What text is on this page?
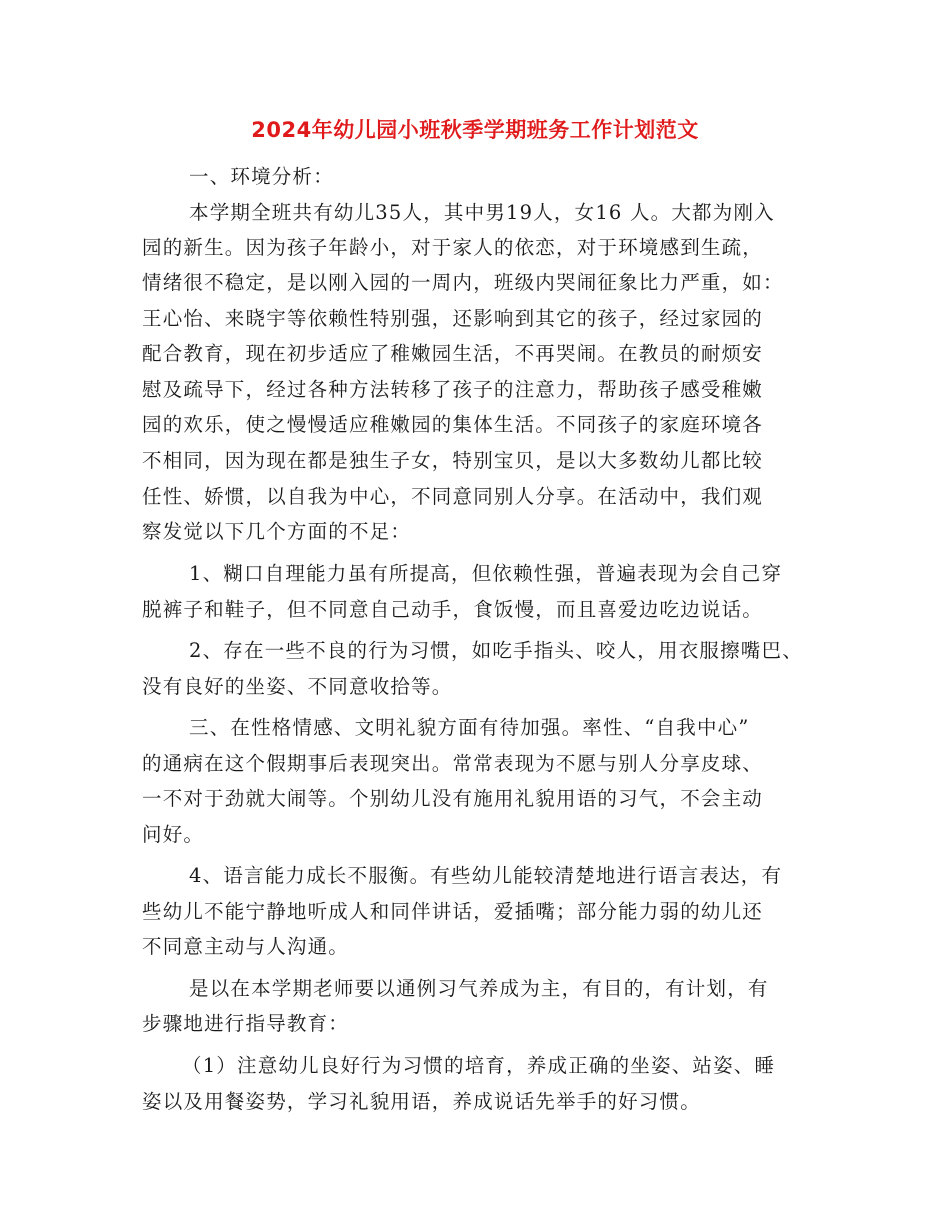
2024年幼儿园小班秋季学期班务工作计划范文
一、环境分析：
本学期全班共有幼儿35人，其中男19人，女16 人。大都为刚入
园的新生。因为孩子年龄小，对于家人的依恋，对于环境感到生疏，
情绪很不稳定，是以刚入园的一周内，班级内哭闹征象比力严重，如：
王心怡、来晓宇等依赖性特别强，还影响到其它的孩子，经过家园的
配合教育，现在初步适应了稚嫩园生活，不再哭闹。在教员的耐烦安
慰及疏导下，经过各种方法转移了孩子的注意力，帮助孩子感受稚嫩
园的欢乐，使之慢慢适应稚嫩园的集体生活。不同孩子的家庭环境各
不相同，因为现在都是独生子女，特别宝贝，是以大多数幼儿都比较
任性、娇惯，以自我为中心，不同意同别人分享。在活动中，我们观
察发觉以下几个方面的不足：
1、糊口自理能力虽有所提高，但依赖性强，普遍表现为会自己穿
脱裤子和鞋子，但不同意自己动手，食饭慢，而且喜爱边吃边说话。
2、存在一些不良的行为习惯，如吃手指头、咬人，用衣服擦嘴巴、
没有良好的坐姿、不同意收拾等。
三、在性格情感、文明礼貌方面有待加强。率性、“自我中心”
的通病在这个假期事后表现突出。常常表现为不愿与别人分享皮球、
一不对于劲就大闹等。个别幼儿没有施用礼貌用语的习气，不会主动
问好。
4、语言能力成长不服衡。有些幼儿能较清楚地进行语言表达，有
些幼儿不能宁静地听成人和同伴讲话，爱插嘴；部分能力弱的幼儿还
不同意主动与人沟通。
是以在本学期老师要以通例习气养成为主，有目的，有计划，有
步骤地进行指导教育：
（1）注意幼儿良好行为习惯的培育，养成正确的坐姿、站姿、睡
姿以及用餐姿势，学习礼貌用语，养成说话先举手的好习惯。
